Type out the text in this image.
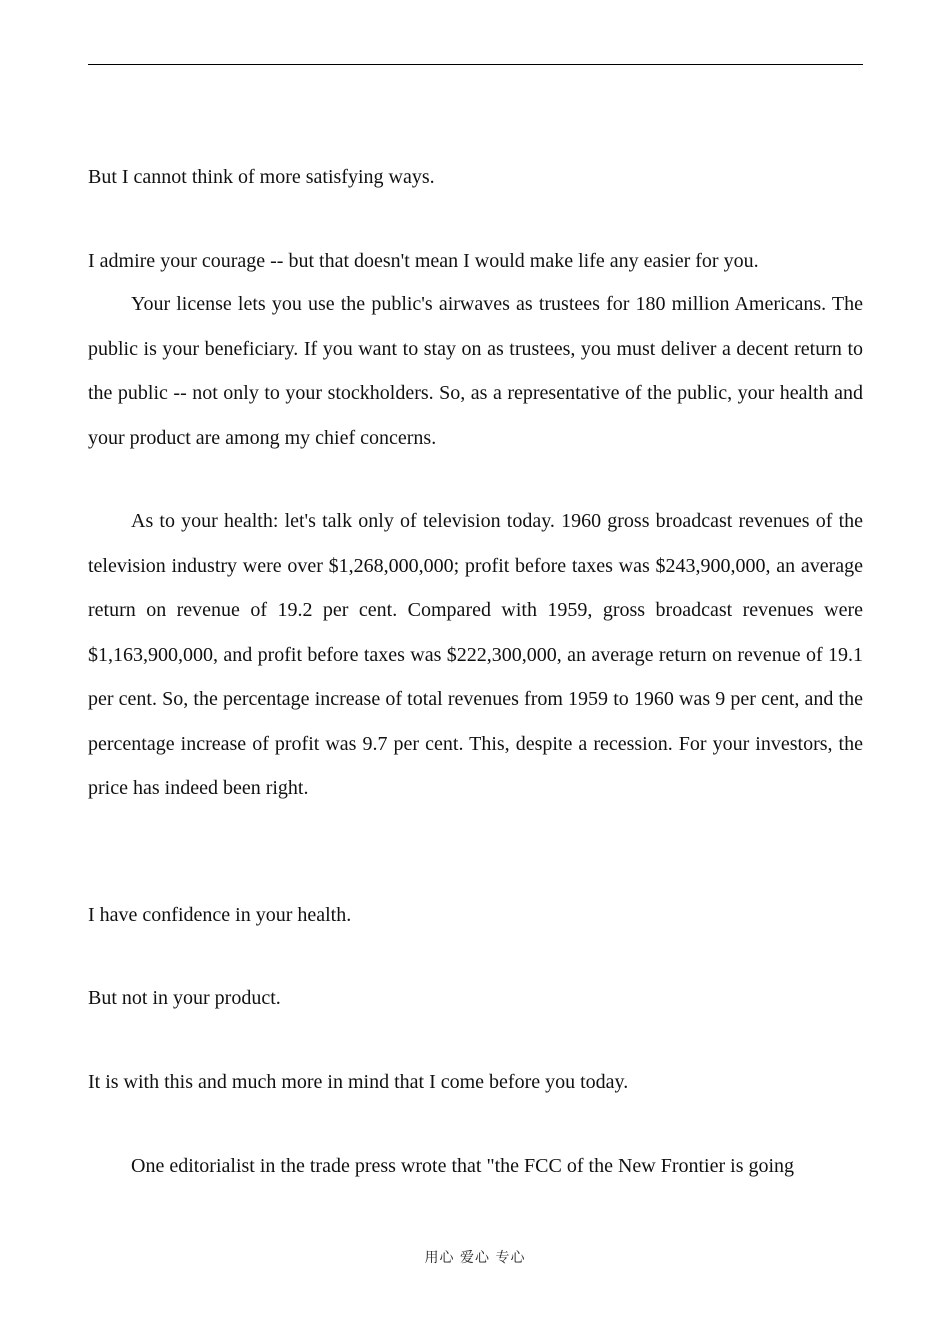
But I cannot think of more satisfying ways.
I admire your courage -- but that doesn't mean I would make life any easier for you.
Your license lets you use the public's airwaves as trustees for 180 million Americans. The public is your beneficiary. If you want to stay on as trustees, you must deliver a decent return to the public -- not only to your stockholders. So, as a representative of the public, your health and your product are among my chief concerns.
As to your health: let's talk only of television today. 1960 gross broadcast revenues of the television industry were over $1,268,000,000; profit before taxes was $243,900,000, an average return on revenue of 19.2 per cent. Compared with 1959, gross broadcast revenues were $1,163,900,000, and profit before taxes was $222,300,000, an average return on revenue of 19.1 per cent. So, the percentage increase of total revenues from 1959 to 1960 was 9 per cent, and the percentage increase of profit was 9.7 per cent. This, despite a recession. For your investors, the price has indeed been right.
I have confidence in your health.
But not in your product.
It is with this and much more in mind that I come before you today.
One editorialist in the trade press wrote that "the FCC of the New Frontier is going
用心 爱心 专心
